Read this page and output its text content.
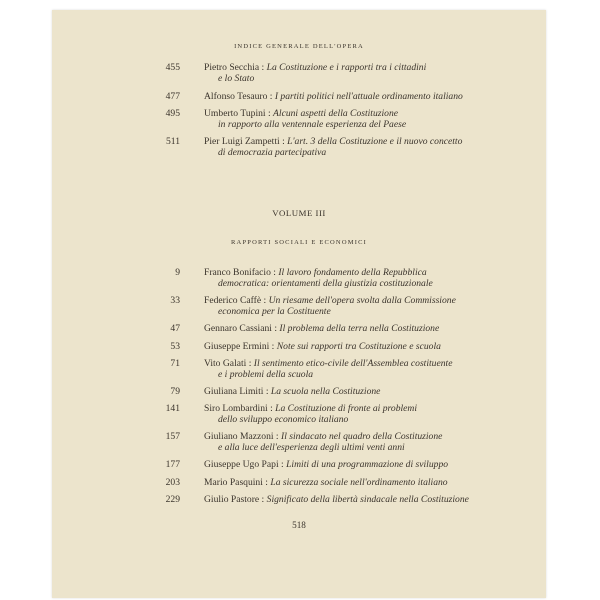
INDICE GENERALE DELL'OPERA
455	Pietro Secchia : La Costituzione e i rapporti tra i cittadini
e lo Stato
477	Alfonso Tesauro : I partiti politici nell'attuale ordinamento italiano
495	Umberto Tupini : Alcuni aspetti della Costituzione
in rapporto alla ventennale esperienza del Paese
511	Pier Luigi Zampetti : L'art. 3 della Costituzione e il nuovo concetto
di democrazia partecipativa
VOLUME III
RAPPORTI SOCIALI E ECONOMICI
9	Franco Bonifacio : Il lavoro fondamento della Repubblica
democratica: orientamenti della giustizia costituzionale
33	Federico Caffè : Un riesame dell'opera svolta dalla Commissione
economica per la Costituente
47	Gennaro Cassiani : Il problema della terra nella Costituzione
53	Giuseppe Ermini : Note sui rapporti tra Costituzione e scuola
71	Vito Galati : Il sentimento etico-civile dell'Assemblea costituente
e i problemi della scuola
79	Giuliana Limiti : La scuola nella Costituzione
141	Siro Lombardini : La Costituzione di fronte ai problemi
dello sviluppo economico italiano
157	Giuliano Mazzoni : Il sindacato nel quadro della Costituzione
e alla luce dell'esperienza degli ultimi venti anni
177	Giuseppe Ugo Papi : Limiti di una programmazione di sviluppo
203	Mario Pasquini : La sicurezza sociale nell'ordinamento italiano
229	Giulio Pastore : Significato della libertà sindacale nella Costituzione
518
